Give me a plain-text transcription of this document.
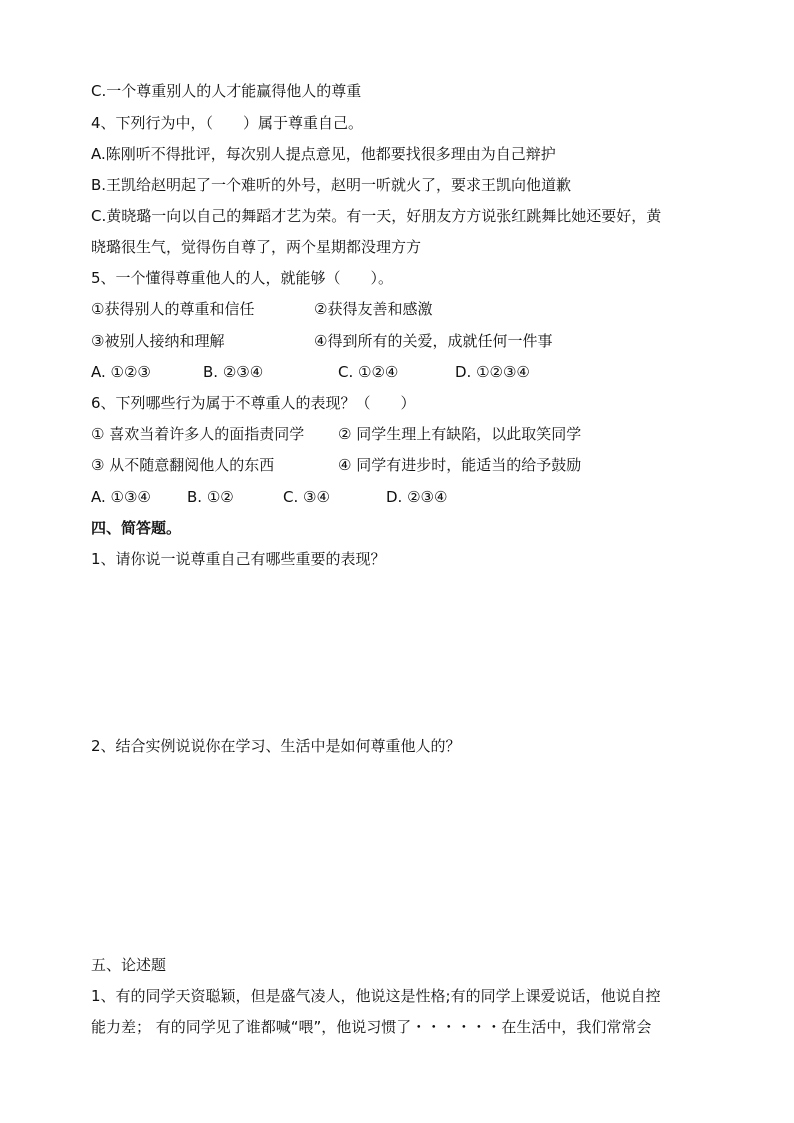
C.一个尊重别人的人才能赢得他人的尊重
4、下列行为中，（　　）属于尊重自己。
A.陈刚听不得批评，每次别人提点意见，他都要找很多理由为自己辩护
B.王凯给赵明起了一个难听的外号，赵明一听就火了，要求王凯向他道歉
C.黄晓璐一向以自己的舞蹈才艺为荣。有一天，好朋友方方说张红跳舞比她还要好，黄
晓璐很生气，觉得伤自尊了，两个星期都没理方方
5、一个懂得尊重他人的人，就能够（　　）。
①获得别人的尊重和信任	②获得友善和感激
③被别人接纳和理解	④得到所有的关爱，成就任何一件事
A. ①②③	B. ②③④	C. ①②④	D. ①②③④
6、下列哪些行为属于不尊重人的表现？（　　）
① 喜欢当着许多人的面指责同学 ② 同学生理上有缺陷，以此取笑同学
③ 从不随意翻阅他人的东西	④ 同学有进步时，能适当的给予鼓励
A. ①③④ B. ①②	C. ③④	D. ②③④
四、简答题。
1、请你说一说尊重自己有哪些重要的表现？
2、结合实例说说你在学习、生活中是如何尊重他人的？
五、论述题
1、有的同学天资聪颖，但是盛气凌人，他说这是性格;有的同学上课爱说话，他说自控
能力差； 有的同学见了谁都喊“喂”，他说习惯了・・・・・・在生活中，我们常常会
